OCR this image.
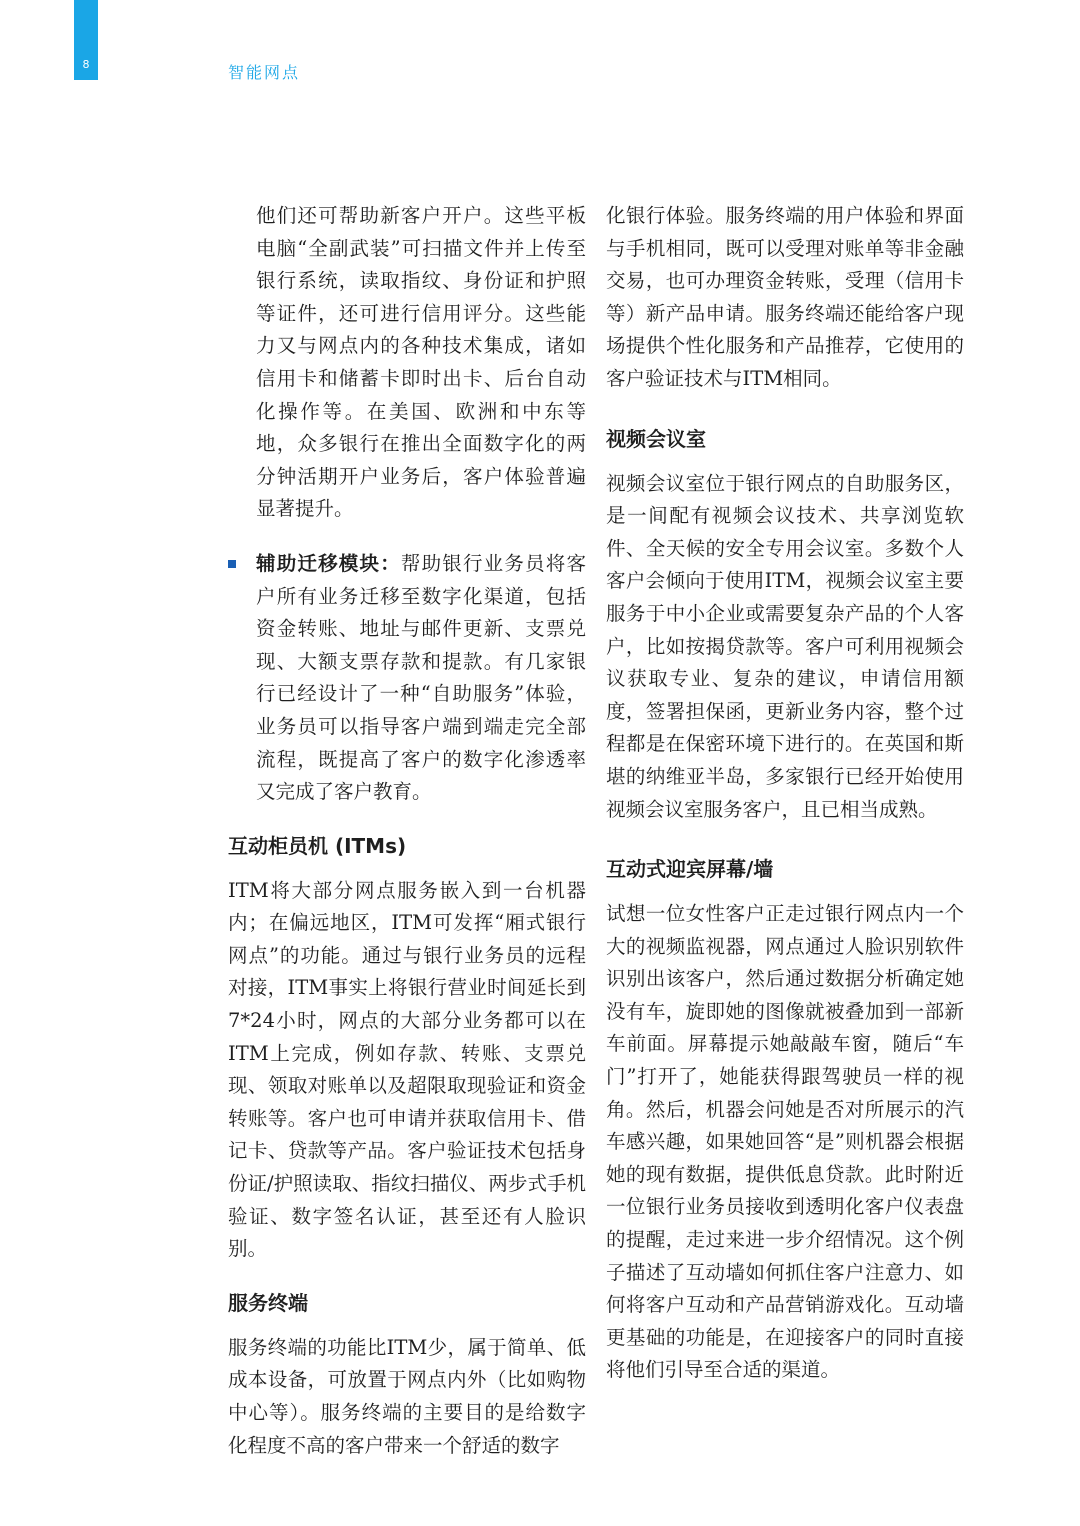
8	智能网点

他们还可帮助新客户开户。这些平板电脑“全副武装”可扫描文件并上传至银行系统，读取指纹、身份证和护照等证件，还可进行信用评分。这些能力又与网点内的各种技术集成，诸如信用卡和储蓄卡即时出卡、后台自动化操作等。在美国、欧洲和中东等地，众多银行在推出全面数字化的两分钟活期开户业务后，客户体验普遍显著提升。

辅助迁移模块：帮助银行业务员将客户所有业务迁移至数字化渠道，包括资金转账、地址与邮件更新、支票兑现、大额支票存款和提款。有几家银行已经设计了一种“自助服务”体验，业务员可以指导客户端到端走完全部流程，既提高了客户的数字化渗透率又完成了客户教育。

互动柜员机 (ITMs)

ITM将大部分网点服务嵌入到一台机器内；在偏远地区，ITM可发挥“厢式银行网点”的功能。通过与银行业务员的远程对接，ITM事实上将银行营业时间延长到7*24小时，网点的大部分业务都可以在ITM上完成，例如存款、转账、支票兑现、领取对账单以及超限取现验证和资金转账等。客户也可申请并获取信用卡、借记卡、贷款等产品。客户验证技术包括身份证/护照读取、指纹扫描仪、两步式手机验证、数字签名认证，甚至还有人脸识别。

服务终端

服务终端的功能比ITM少，属于简单、低成本设备，可放置于网点内外（比如购物中心等）。服务终端的主要目的是给数字化程度不高的客户带来一个舒适的数字

化银行体验。服务终端的用户体验和界面与手机相同，既可以受理对账单等非金融交易，也可办理资金转账，受理（信用卡等）新产品申请。服务终端还能给客户现场提供个性化服务和产品推荐，它使用的客户验证技术与ITM相同。

视频会议室

视频会议室位于银行网点的自助服务区，是一间配有视频会议技术、共享浏览软件、全天候的安全专用会议室。多数个人客户会倾向于使用ITM，视频会议室主要服务于中小企业或需要复杂产品的个人客户，比如按揭贷款等。客户可利用视频会议获取专业、复杂的建议，申请信用额度，签署担保函，更新业务内容，整个过程都是在保密环境下进行的。在英国和斯堪的纳维亚半岛，多家银行已经开始使用视频会议室服务客户，且已相当成熟。

互动式迎宾屏幕/墙

试想一位女性客户正走过银行网点内一个大的视频监视器，网点通过人脸识别软件识别出该客户，然后通过数据分析确定她没有车，旋即她的图像就被叠加到一部新车前面。屏幕提示她敲敲车窗，随后“车门”打开了，她能获得跟驾驶员一样的视角。然后，机器会问她是否对所展示的汽车感兴趣，如果她回答“是”则机器会根据她的现有数据，提供低息贷款。此时附近一位银行业务员接收到透明化客户仪表盘的提醒，走过来进一步介绍情况。这个例子描述了互动墙如何抓住客户注意力、如何将客户互动和产品营销游戏化。互动墙更基础的功能是，在迎接客户的同时直接将他们引导至合适的渠道。
